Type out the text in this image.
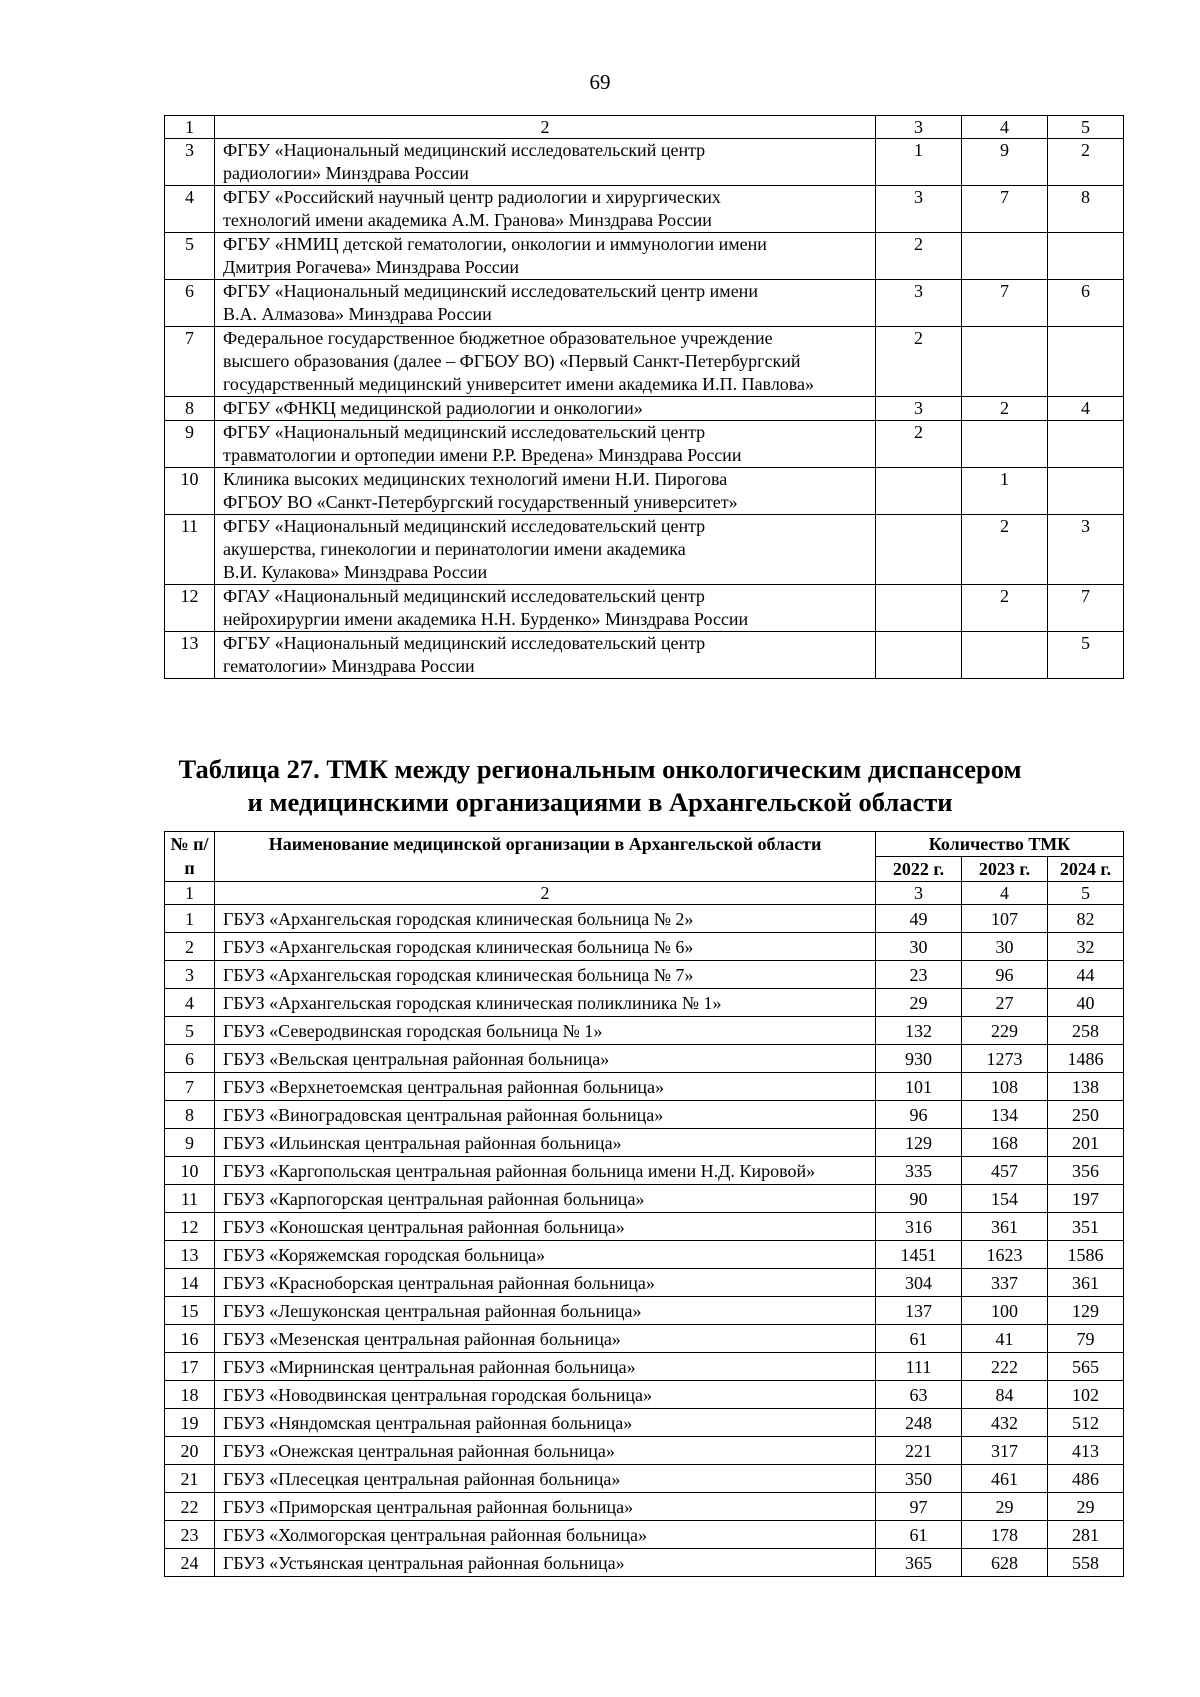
69
1	2	3	4	5
3	ФГБУ «Национальный медицинский исследовательский центр
радиологии» Минздрава России	1	9	2
4	ФГБУ «Российский научный центр радиологии и хирургических
технологий имени академика А.М. Гранова» Минздрава России	3	7	8
5	ФГБУ «НМИЦ детской гематологии, онкологии и иммунологии имени
Дмитрия Рогачева» Минздрава России	2		
6	ФГБУ «Национальный медицинский исследовательский центр имени
В.А. Алмазова» Минздрава России	3	7	6
7	Федеральное государственное бюджетное образовательное учреждение
высшего образования (далее – ФГБОУ ВО) «Первый Санкт-Петербургский
государственный медицинский университет имени академика И.П. Павлова»	2		
8	ФГБУ «ФНКЦ медицинской радиологии и онкологии»	3	2	4
9	ФГБУ «Национальный медицинский исследовательский центр
травматологии и ортопедии имени Р.Р. Вредена» Минздрава России	2		
10	Клиника высоких медицинских технологий имени Н.И. Пирогова
ФГБОУ ВО «Санкт-Петербургский государственный университет»		1	
11	ФГБУ «Национальный медицинский исследовательский центр
акушерства, гинекологии и перинатологии имени академика
В.И. Кулакова» Минздрава России		2	3
12	ФГАУ «Национальный медицинский исследовательский центр
нейрохирургии имени академика Н.Н. Бурденко» Минздрава России		2	7
13	ФГБУ «Национальный медицинский исследовательский центр
гематологии» Минздрава России			5
Таблица 27. ТМК между региональным онкологическим диспансером
и медицинскими организациями в Архангельской области
№ п/п	Наименование медицинской организации в Архангельской области	Количество ТМК		
		2022 г.	2023 г.	2024 г.
1	2	3	4	5
1	ГБУЗ «Архангельская городская клиническая больница № 2»	49	107	82
2	ГБУЗ «Архангельская городская клиническая больница № 6»	30	30	32
3	ГБУЗ «Архангельская городская клиническая больница № 7»	23	96	44
4	ГБУЗ «Архангельская городская клиническая поликлиника № 1»	29	27	40
5	ГБУЗ «Северодвинская городская больница № 1»	132	229	258
6	ГБУЗ «Вельская центральная районная больница»	930	1273	1486
7	ГБУЗ «Верхнетоемская центральная районная больница»	101	108	138
8	ГБУЗ «Виноградовская центральная районная больница»	96	134	250
9	ГБУЗ «Ильинская центральная районная больница»	129	168	201
10	ГБУЗ «Каргопольская центральная районная больница имени Н.Д. Кировой»	335	457	356
11	ГБУЗ «Карпогорская центральная районная больница»	90	154	197
12	ГБУЗ «Коношская центральная районная больница»	316	361	351
13	ГБУЗ «Коряжемская городская больница»	1451	1623	1586
14	ГБУЗ «Красноборская центральная районная больница»	304	337	361
15	ГБУЗ «Лешуконская центральная районная больница»	137	100	129
16	ГБУЗ «Мезенская центральная районная больница»	61	41	79
17	ГБУЗ «Мирнинская центральная районная больница»	111	222	565
18	ГБУЗ «Новодвинская центральная городская больница»	63	84	102
19	ГБУЗ «Няндомская центральная районная больница»	248	432	512
20	ГБУЗ «Онежская центральная районная больница»	221	317	413
21	ГБУЗ «Плесецкая центральная районная больница»	350	461	486
22	ГБУЗ «Приморская центральная районная больница»	97	29	29
23	ГБУЗ «Холмогорская центральная районная больница»	61	178	281
24	ГБУЗ «Устьянская центральная районная больница»	365	628	558
